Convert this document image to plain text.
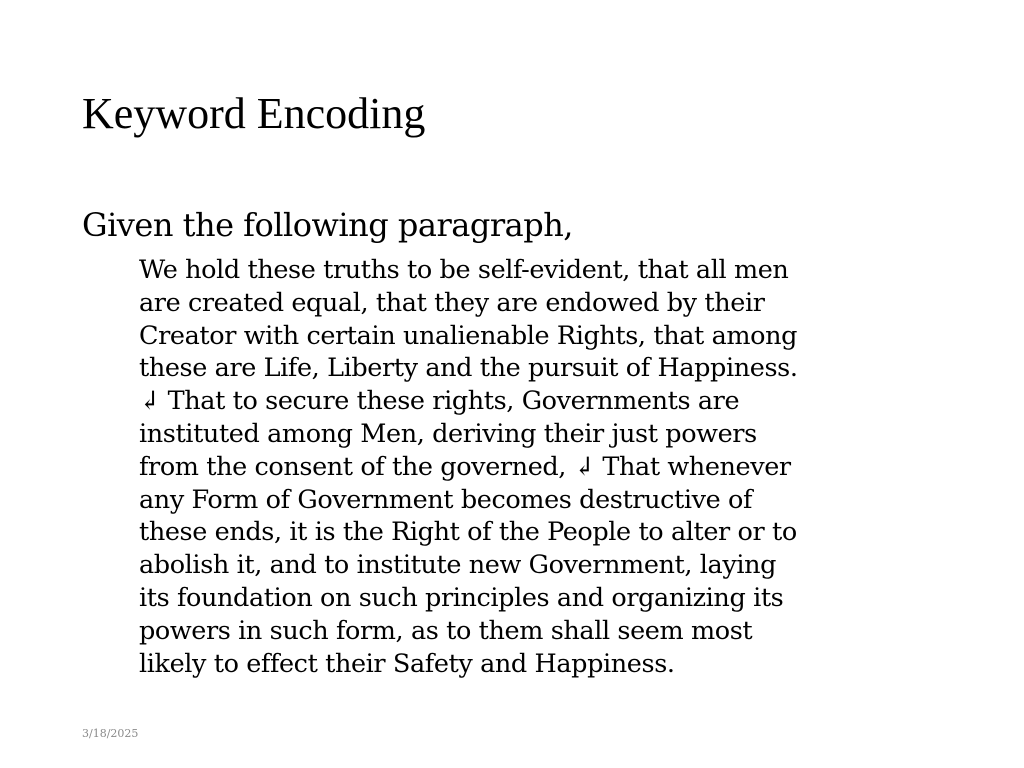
Keyword Encoding
Given the following paragraph,
We hold these truths to be self-evident, that all men
are created equal, that they are endowed by their
Creator with certain unalienable Rights, that among
these are Life, Liberty and the pursuit of Happiness.
↲ That to secure these rights, Governments are
instituted among Men, deriving their just powers
from the consent of the governed, ↲ That whenever
any Form of Government becomes destructive of
these ends, it is the Right of the People to alter or to
abolish it, and to institute new Government, laying
its foundation on such principles and organizing its
powers in such form, as to them shall seem most
likely to effect their Safety and Happiness.
3/18/2025
